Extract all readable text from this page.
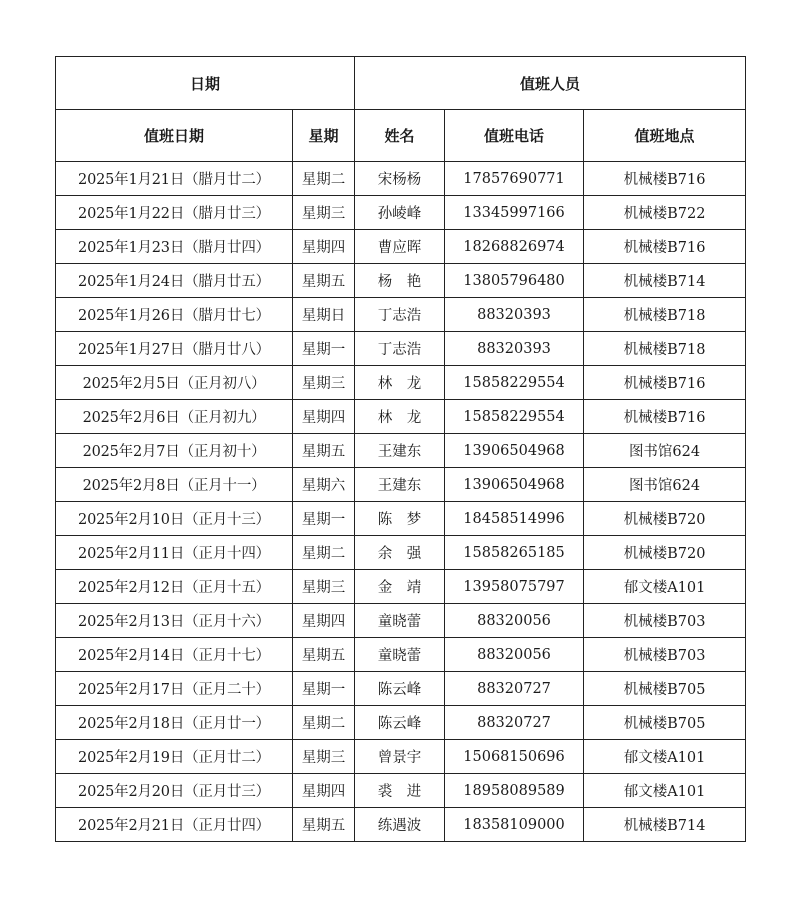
日期		值班人员		
值班日期	星期	姓名	值班电话	值班地点
2025年1月21日（腊月廿二）	星期二	宋杨杨	17857690771	机械楼B716
2025年1月22日（腊月廿三）	星期三	孙崚峰	13345997166	机械楼B722
2025年1月23日（腊月廿四）	星期四	曹应晖	18268826974	机械楼B716
2025年1月24日（腊月廿五）	星期五	杨　艳	13805796480	机械楼B714
2025年1月26日（腊月廿七）	星期日	丁志浩	88320393	机械楼B718
2025年1月27日（腊月廿八）	星期一	丁志浩	88320393	机械楼B718
2025年2月5日（正月初八）	星期三	林　龙	15858229554	机械楼B716
2025年2月6日（正月初九）	星期四	林　龙	15858229554	机械楼B716
2025年2月7日（正月初十）	星期五	王建东	13906504968	图书馆624
2025年2月8日（正月十一）	星期六	王建东	13906504968	图书馆624
2025年2月10日（正月十三）	星期一	陈　梦	18458514996	机械楼B720
2025年2月11日（正月十四）	星期二	余　强	15858265185	机械楼B720
2025年2月12日（正月十五）	星期三	金　靖	13958075797	郁文楼A101
2025年2月13日（正月十六）	星期四	童晓蕾	88320056	机械楼B703
2025年2月14日（正月十七）	星期五	童晓蕾	88320056	机械楼B703
2025年2月17日（正月二十）	星期一	陈云峰	88320727	机械楼B705
2025年2月18日（正月廿一）	星期二	陈云峰	88320727	机械楼B705
2025年2月19日（正月廿二）	星期三	曾景宇	15068150696	郁文楼A101
2025年2月20日（正月廿三）	星期四	裘　进	18958089589	郁文楼A101
2025年2月21日（正月廿四）	星期五	练遇波	18358109000	机械楼B714
